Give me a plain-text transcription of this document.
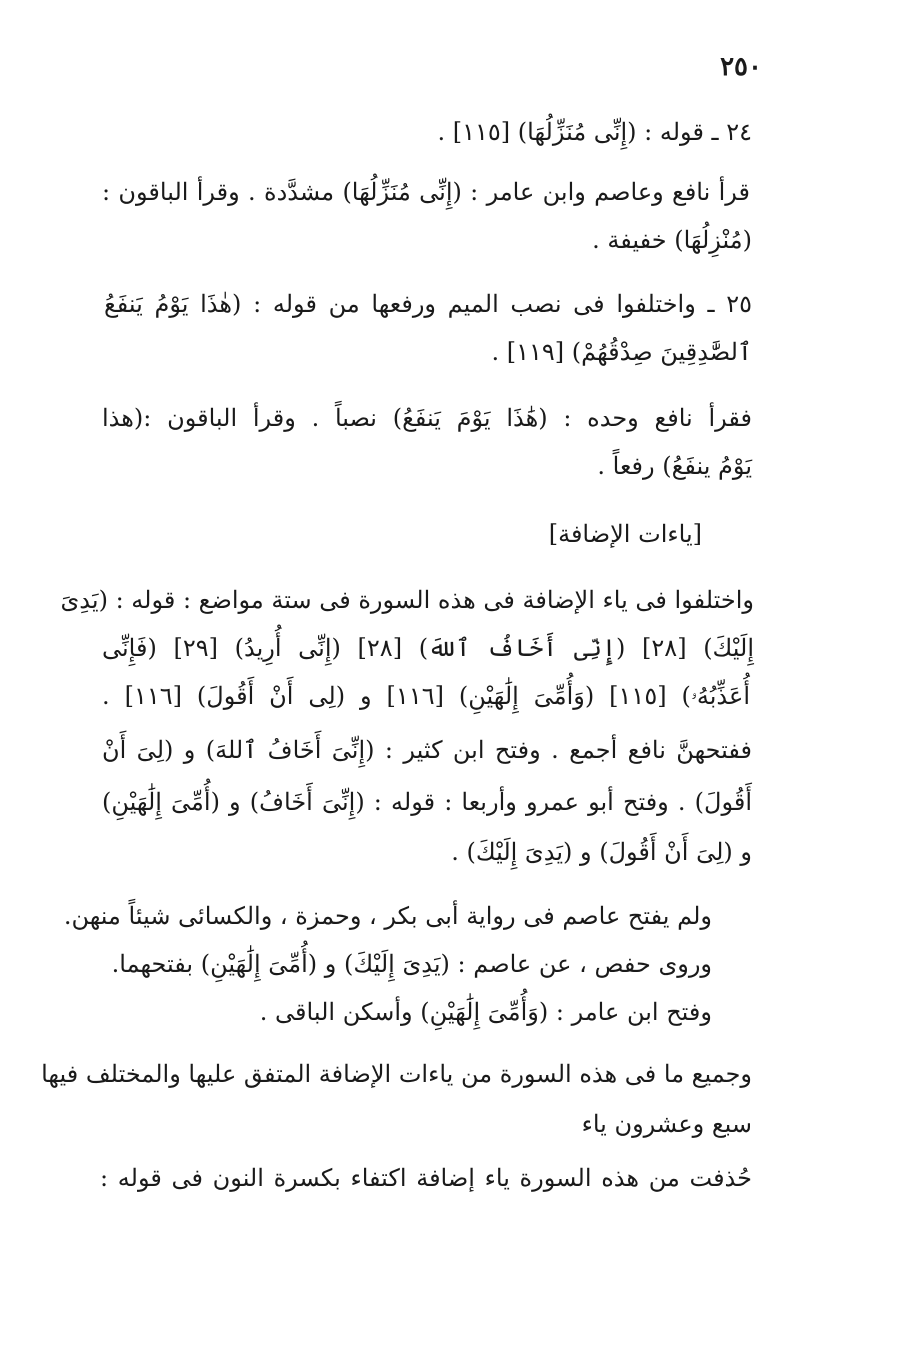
٢٥٠
٢٤ ـ قوله : (إِنِّى مُنَزِّلُهَا) [١١٥] .
قرأ نافع وعاصم وابن عامر : (إِنِّى مُنَزِّلُهَا) مشدَّدة . وقرأ الباقون :
(مُنْزِلُهَا) خفيفة .
٢٥ ـ واختلفوا فى نصب الميم ورفعها من قوله : (هٰذَا يَوْمُ يَنفَعُ
ٱلصَّٰدِقِينَ صِدْقُهُمْ) [١١٩] .
فقرأ نافع وحده : (هَٰذَا يَوْمَ يَنفَعُ) نصباً . وقرأ الباقون :(هذا
يَوْمُ ينفَعُ) رفعاً .
[ياءات الإضافة]
واختلفوا فى ياء الإضافة فى هذه السورة فى ستة مواضع : قوله : (يَدِىَ
إِلَيْكَ) [٢٨] (إِنِّى أَخَافُ ٱللهَ) [٢٨] (إِنِّى أُرِيدُ) [٢٩] (فَإِنِّى
أُعَذِّبُهُۥ) [١١٥] (وَأُمِّىَ إِلَٰهَيْنِ) [١١٦] و (لِى أَنْ أَقُولَ) [١١٦] .
ففتحهنَّ نافع أجمع . وفتح ابن كثير : (إِنِّىَ أَخَافُ ٱللهَ) و (لِىَ أَنْ
أَقُولَ) . وفتح أبو عمرو وأربعا : قوله : (إِنِّىَ أَخَافُ) و (أُمِّىَ إِلَٰهَيْنِ)
و (لِىَ أَنْ أَقُولَ) و (يَدِىَ إِلَيْكَ) .
ولم يفتح عاصم فى رواية أبى بكر ، وحمزة ، والكسائى شيئاً منهن.
وروى حفص ، عن عاصم : (يَدِىَ إِلَيْكَ) و (أُمِّىَ إِلَٰهَيْنِ) بفتحهما.
وفتح ابن عامر : (وَأُمِّىَ إِلَٰهَيْنِ) وأسكن الباقى .
وجميع ما فى هذه السورة من ياءات الإضافة المتفق عليها والمختلف فيها
سبع وعشرون ياء
حُذفت من هذه السورة ياء إضافة اكتفاء بكسرة النون فى قوله :
